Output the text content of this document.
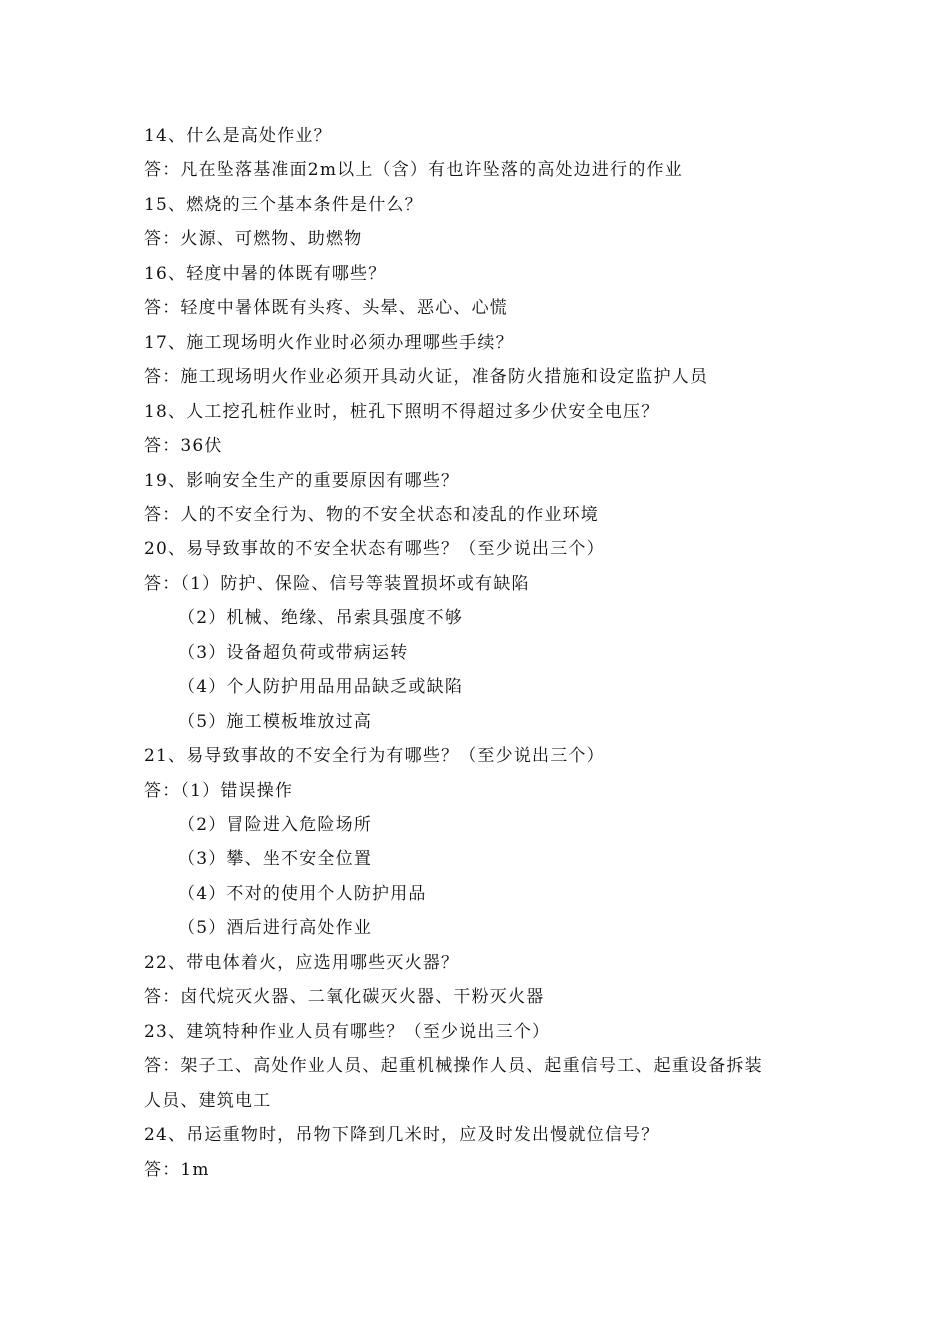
14、什么是高处作业？
答：凡在坠落基准面2m以上（含）有也许坠落的高处边进行的作业
15、燃烧的三个基本条件是什么？
答：火源、可燃物、助燃物
16、轻度中暑的体既有哪些？
答：轻度中暑体既有头疼、头晕、恶心、心慌
17、施工现场明火作业时必须办理哪些手续？
答：施工现场明火作业必须开具动火证，准备防火措施和设定监护人员
18、人工挖孔桩作业时，桩孔下照明不得超过多少伏安全电压？
答：36伏
19、影响安全生产的重要原因有哪些？
答：人的不安全行为、物的不安全状态和凌乱的作业环境
20、易导致事故的不安全状态有哪些？（至少说出三个）
答：（1）防护、保险、信号等装置损坏或有缺陷
（2）机械、绝缘、吊索具强度不够
（3）设备超负荷或带病运转
（4）个人防护用品用品缺乏或缺陷
（5）施工模板堆放过高
21、易导致事故的不安全行为有哪些？（至少说出三个）
答：（1）错误操作
（2）冒险进入危险场所
（3）攀、坐不安全位置
（4）不对的使用个人防护用品
（5）酒后进行高处作业
22、带电体着火，应选用哪些灭火器？
答：卤代烷灭火器、二氧化碳灭火器、干粉灭火器
23、建筑特种作业人员有哪些？（至少说出三个）
答：架子工、高处作业人员、起重机械操作人员、起重信号工、起重设备拆装
人员、建筑电工
24、吊运重物时，吊物下降到几米时，应及时发出慢就位信号？
答：1m
